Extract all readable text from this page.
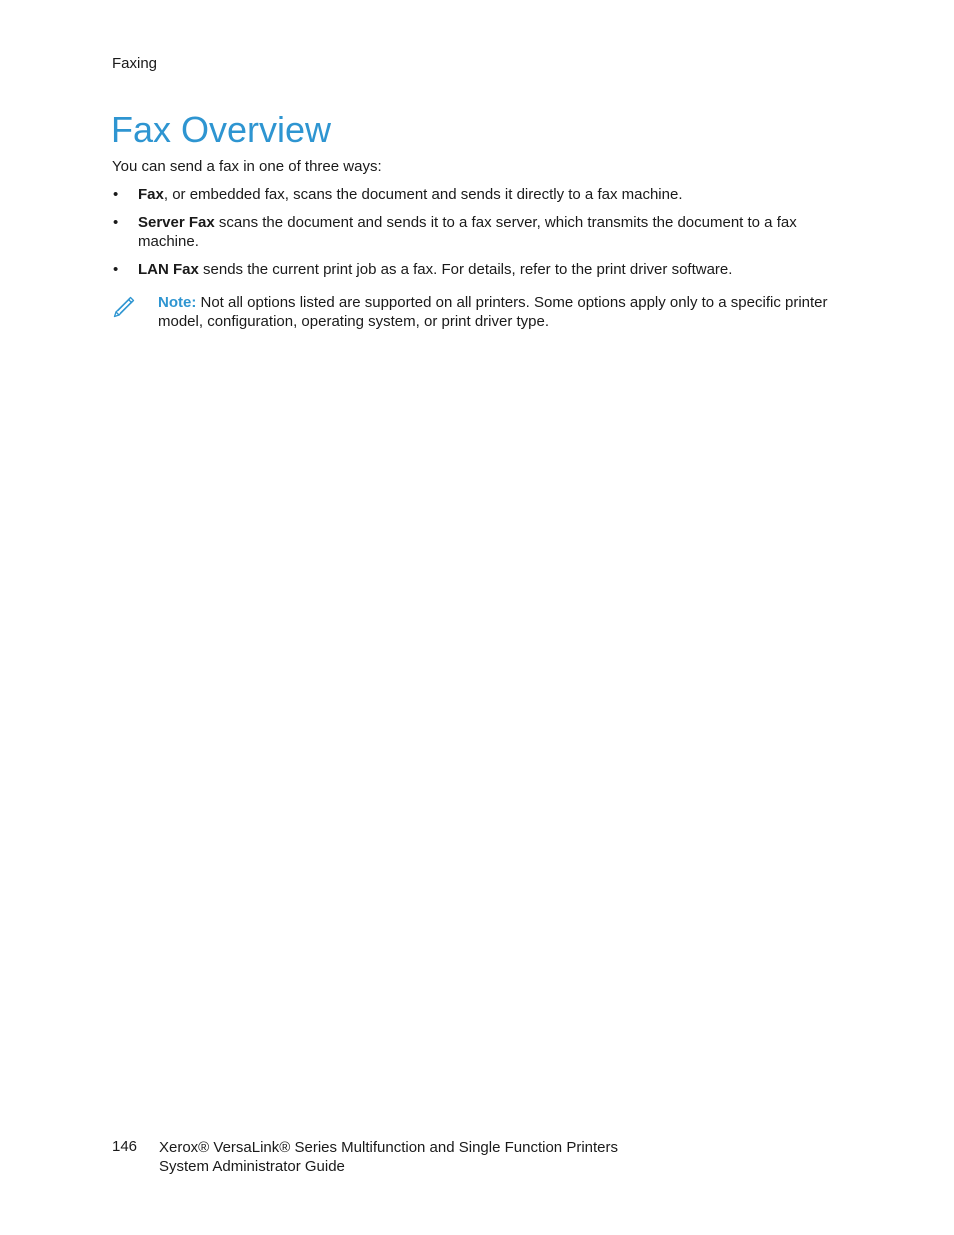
Faxing
Fax Overview

You can send a fax in one of three ways:

• Fax, or embedded fax, scans the document and sends it directly to a fax machine.
• Server Fax scans the document and sends it to a fax server, which transmits the document to a fax machine.
• LAN Fax sends the current print job as a fax. For details, refer to the print driver software.

Note: Not all options listed are supported on all printers. Some options apply only to a specific printer model, configuration, operating system, or print driver type.

146 Xerox® VersaLink® Series Multifunction and Single Function Printers
System Administrator Guide
